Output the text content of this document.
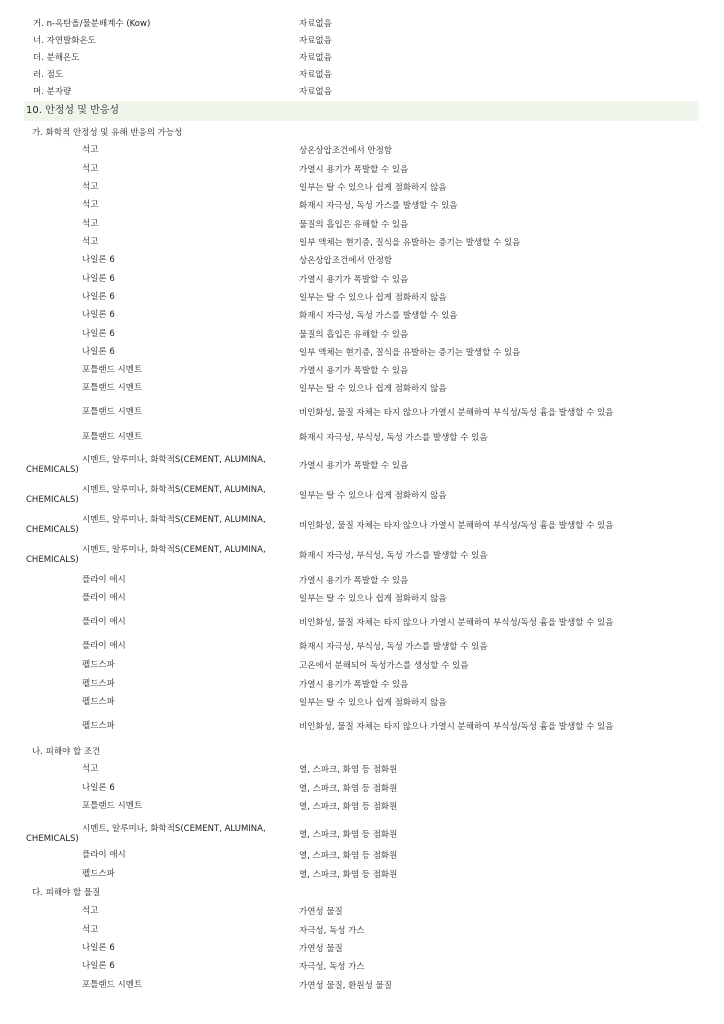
거. n-옥탄올/물분배계수 (Kow)	자료없음
너. 자연발화온도	자료없음
더. 분해온도	자료없음
러. 점도	자료없음
머. 분자량	자료없음
10. 안정성 및 반응성
가. 화학적 안정성 및 유해 반응의 가능성
석고	상온상압조건에서 안정함
석고	가열시 용기가 폭발할 수 있음
석고	일부는 탈 수 있으나 쉽게 점화하지 않음
석고	화재시 자극성, 독성 가스를 발생할 수 있음
석고	물질의 흡입은 유해할 수 있음
석고	일부 액체는 현기증, 질식을 유발하는 증기는 발생할 수 있음
나일론 6	상온상압조건에서 안정함
나일론 6	가열시 용기가 폭발할 수 있음
나일론 6	일부는 탈 수 있으나 쉽게 점화하지 않음
나일론 6	화재시 자극성, 독성 가스를 발생할 수 있음
나일론 6	물질의 흡입은 유해할 수 있음
나일론 6	일부 액체는 현기증, 질식을 유발하는 증기는 발생할 수 있음
포틀랜드 시멘트	가열시 용기가 폭발할 수 있음
포틀랜드 시멘트	일부는 탈 수 있으나 쉽게 점화하지 않음
포틀랜드 시멘트	비인화성, 물질 자체는 타지 않으나 가열시 분해하여 부식성/독성 흄을 발생할 수 있음
포틀랜드 시멘트	화재시 자극성, 부식성, 독성 가스를 발생할 수 있음
시멘트, 알루미나, 화학적S(CEMENT, ALUMINA, CHEMICALS)	가열시 용기가 폭발할 수 있음
시멘트, 알루미나, 화학적S(CEMENT, ALUMINA, CHEMICALS)	일부는 탈 수 있으나 쉽게 점화하지 않음
시멘트, 알루미나, 화학적S(CEMENT, ALUMINA, CHEMICALS)	비인화성, 물질 자체는 타지 않으나 가열시 분해하여 부식성/독성 흄을 발생할 수 있음
시멘트, 알루미나, 화학적S(CEMENT, ALUMINA, CHEMICALS)	화재시 자극성, 부식성, 독성 가스를 발생할 수 있음
플라이 애시	가열시 용기가 폭발할 수 있음
플라이 애시	일부는 탈 수 있으나 쉽게 점화하지 않음
플라이 애시	비인화성, 물질 자체는 타지 않으나 가열시 분해하여 부식성/독성 흄을 발생할 수 있음
플라이 애시	화재시 자극성, 부식성, 독성 가스를 발생할 수 있음
펠드스파	고온에서 분해되어 독성가스를 생성할 수 있음
펠드스파	가열시 용기가 폭발할 수 있음
펠드스파	일부는 탈 수 있으나 쉽게 점화하지 않음
펠드스파	비인화성, 물질 자체는 타지 않으나 가열시 분해하여 부식성/독성 흄을 발생할 수 있음
나. 피해야 할 조건
석고	열, 스파크, 화염 등 점화원
나일론 6	열, 스파크, 화염 등 점화원
포틀랜드 시멘트	열, 스파크, 화염 등 점화원
시멘트, 알루미나, 화학적S(CEMENT, ALUMINA, CHEMICALS)	열, 스파크, 화염 등 점화원
플라이 애시	열, 스파크, 화염 등 점화원
펠드스파	열, 스파크, 화염 등 점화원
다. 피해야 할 물질
석고	가연성 물질
석고	자극성, 독성 가스
나일론 6	가연성 물질
나일론 6	자극성, 독성 가스
포틀랜드 시멘트	가연성 물질, 환원성 물질
